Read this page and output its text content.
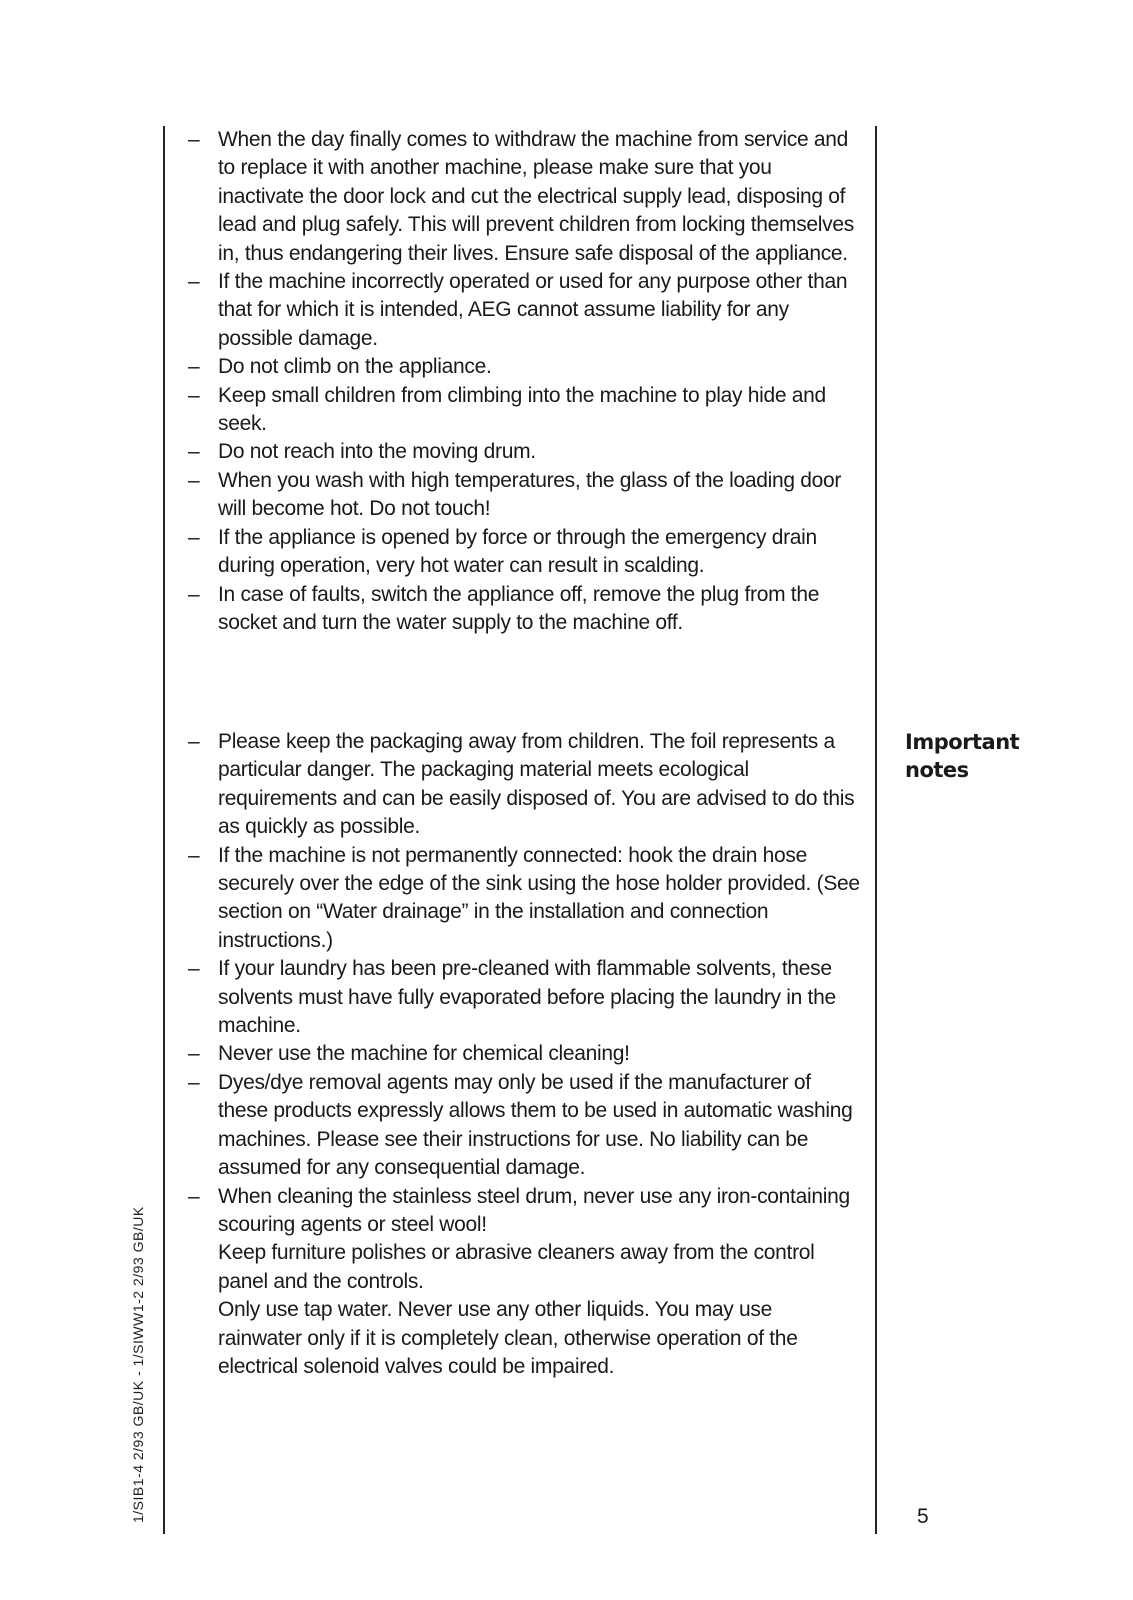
– When the day finally comes to withdraw the machine from service and to replace it with another machine, please make sure that you inactivate the door lock and cut the electrical supply lead, disposing of lead and plug safely. This will prevent children from locking themselves in, thus endangering their lives. Ensure safe disposal of the appliance.
– If the machine incorrectly operated or used for any purpose other than that for which it is intended, AEG cannot assume liability for any possible damage.
– Do not climb on the appliance.
– Keep small children from climbing into the machine to play hide and seek.
– Do not reach into the moving drum.
– When you wash with high temperatures, the glass of the loading door will become hot. Do not touch!
– If the appliance is opened by force or through the emergency drain during operation, very hot water can result in scalding.
– In case of faults, switch the appliance off, remove the plug from the socket and turn the water supply to the machine off.
Important
notes
– Please keep the packaging away from children. The foil represents a particular danger. The packaging material meets ecological requirements and can be easily disposed of. You are advised to do this as quickly as possible.
– If the machine is not permanently connected: hook the drain hose securely over the edge of the sink using the hose holder provided. (See section on “Water drainage” in the installation and connection instructions.)
– If your laundry has been pre-cleaned with flammable solvents, these solvents must have fully evaporated before placing the laundry in the machine.
– Never use the machine for chemical cleaning!
– Dyes/dye removal agents may only be used if the manufacturer of these products expressly allows them to be used in automatic washing machines. Please see their instructions for use. No liability can be assumed for any consequential damage.
– When cleaning the stainless steel drum, never use any iron-containing scouring agents or steel wool!
Keep furniture polishes or abrasive cleaners away from the control panel and the controls.
Only use tap water. Never use any other liquids. You may use rainwater only if it is completely clean, otherwise operation of the electrical solenoid valves could be impaired.
1/SIB1-4 2/93 GB/UK - 1/SIWW1-2 2/93 GB/UK	5
